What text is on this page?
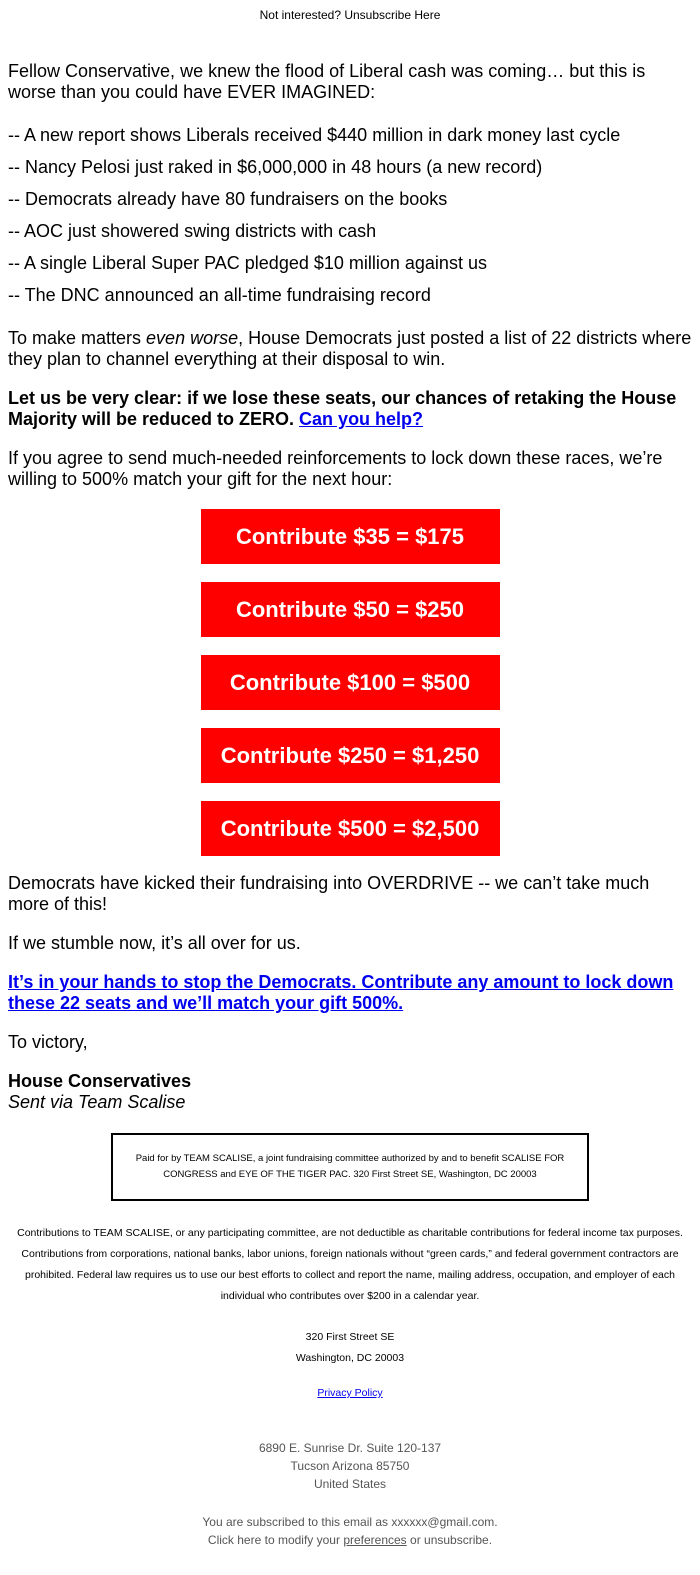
Not interested? Unsubscribe Here

Fellow Conservative, we knew the flood of Liberal cash was coming… but this is worse than you could have EVER IMAGINED:

-- A new report shows Liberals received $440 million in dark money last cycle

-- Nancy Pelosi just raked in $6,000,000 in 48 hours (a new record)

-- Democrats already have 80 fundraisers on the books

-- AOC just showered swing districts with cash

-- A single Liberal Super PAC pledged $10 million against us

-- The DNC announced an all-time fundraising record

To make matters even worse, House Democrats just posted a list of 22 districts where they plan to channel everything at their disposal to win.

Let us be very clear: if we lose these seats, our chances of retaking the House Majority will be reduced to ZERO. Can you help?

If you agree to send much-needed reinforcements to lock down these races, we’re willing to 500% match your gift for the next hour:

Contribute $35 = $175
Contribute $50 = $250
Contribute $100 = $500
Contribute $250 = $1,250
Contribute $500 = $2,500

Democrats have kicked their fundraising into OVERDRIVE -- we can’t take much more of this!

If we stumble now, it’s all over for us.

It’s in your hands to stop the Democrats. Contribute any amount to lock down these 22 seats and we’ll match your gift 500%.

To victory,

House Conservatives
Sent via Team Scalise
Paid for by TEAM SCALISE, a joint fundraising committee authorized by and to benefit SCALISE FOR CONGRESS and EYE OF THE TIGER PAC. 320 First Street SE, Washington, DC 20003
Contributions to TEAM SCALISE, or any participating committee, are not deductible as charitable contributions for federal income tax purposes. Contributions from corporations, national banks, labor unions, foreign nationals without “green cards,” and federal government contractors are prohibited. Federal law requires us to use our best efforts to collect and report the name, mailing address, occupation, and employer of each individual who contributes over $200 in a calendar year.
320 First Street SE
Washington, DC 20003
Privacy Policy
6890 E. Sunrise Dr. Suite 120-137
Tucson Arizona 85750
United States
You are subscribed to this email as xxxxxx@gmail.com.
Click here to modify your preferences or unsubscribe.
